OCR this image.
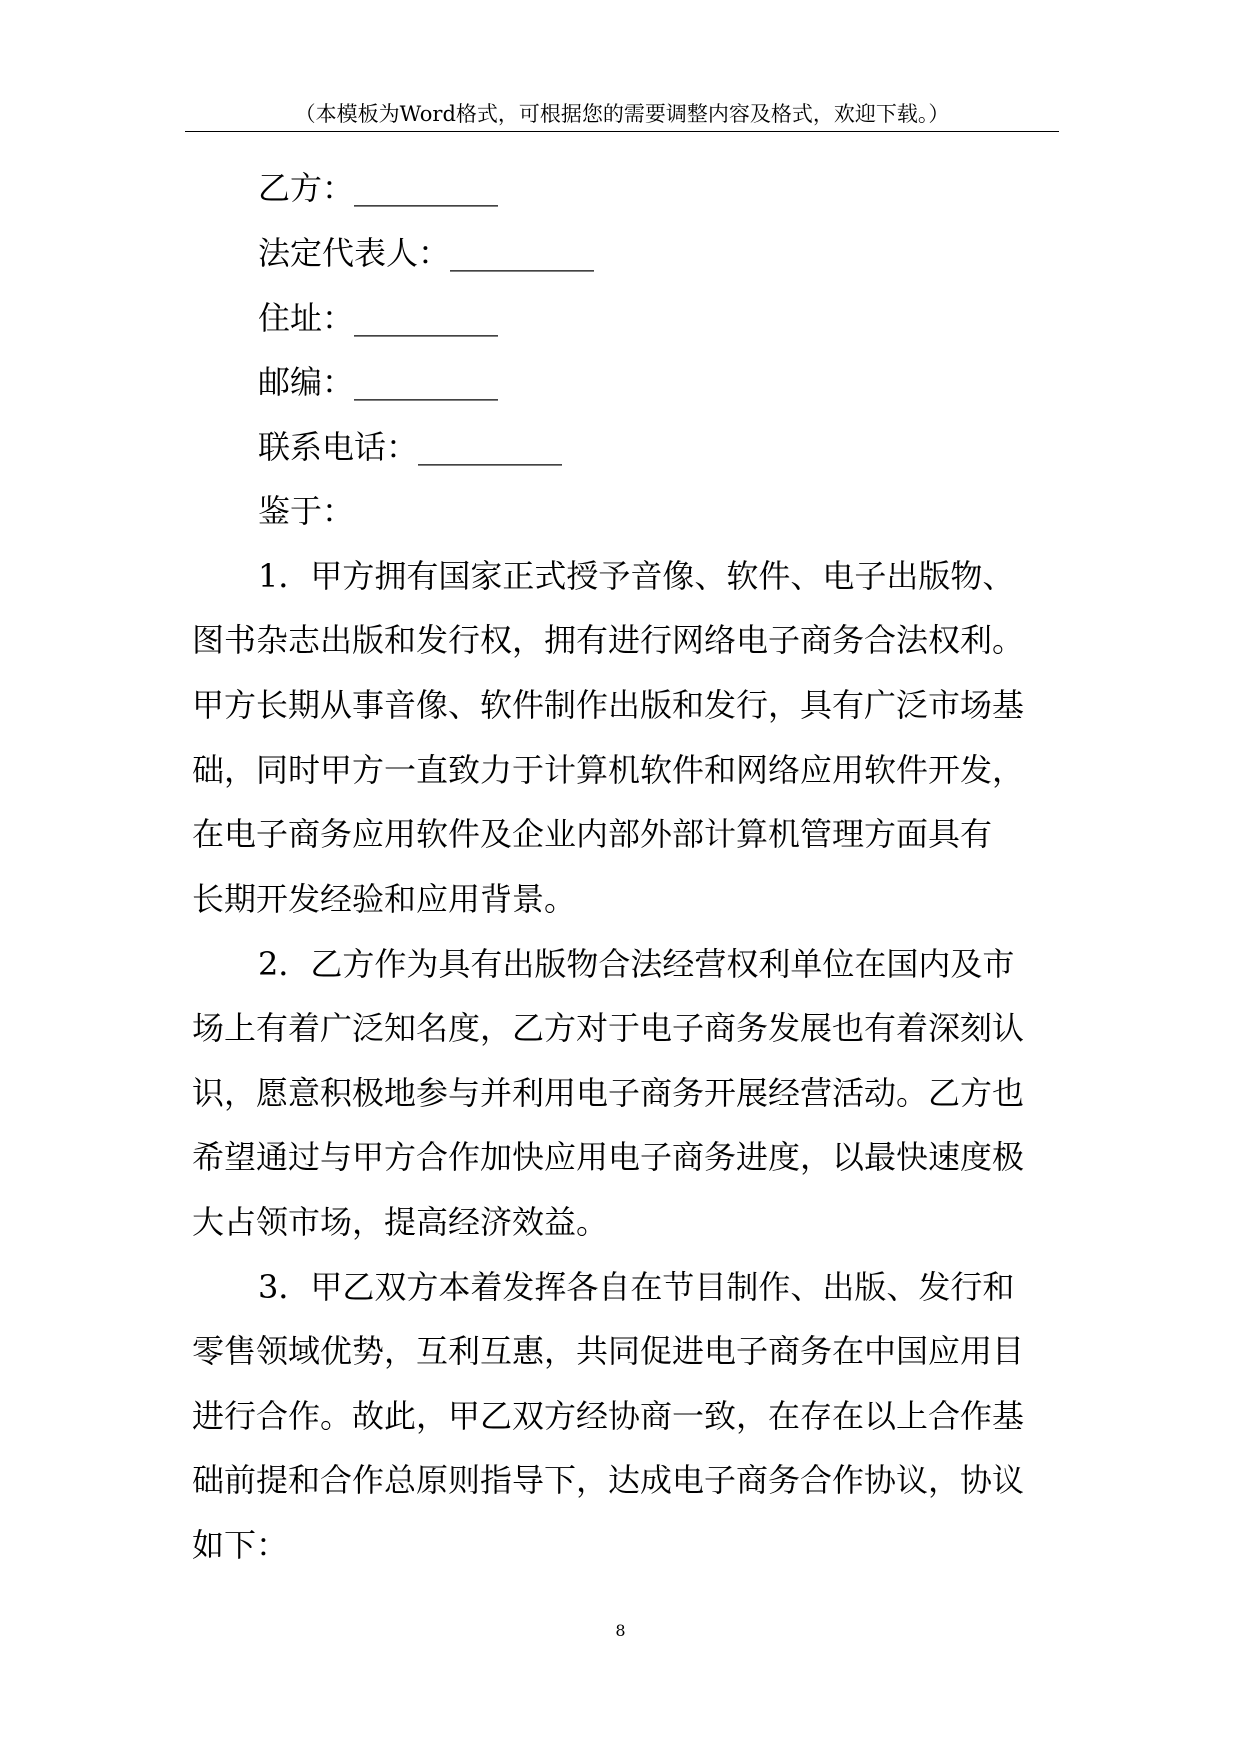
（本模板为Word格式，可根据您的需要调整内容及格式，欢迎下载。）
乙方：_________
法定代表人：_________
住址：_________
邮编：_________
联系电话：_________
鉴于：
1．甲方拥有国家正式授予音像、软件、电子出版物、
图书杂志出版和发行权，拥有进行网络电子商务合法权利。
甲方长期从事音像、软件制作出版和发行，具有广泛市场基
础，同时甲方一直致力于计算机软件和网络应用软件开发，
在电子商务应用软件及企业内部外部计算机管理方面具有
长期开发经验和应用背景。
2．乙方作为具有出版物合法经营权利单位在国内及市
场上有着广泛知名度，乙方对于电子商务发展也有着深刻认
识，愿意积极地参与并利用电子商务开展经营活动。乙方也
希望通过与甲方合作加快应用电子商务进度，以最快速度极
大占领市场，提高经济效益。
3．甲乙双方本着发挥各自在节目制作、出版、发行和
零售领域优势，互利互惠，共同促进电子商务在中国应用目
进行合作。故此，甲乙双方经协商一致，在存在以上合作基
础前提和合作总原则指导下，达成电子商务合作协议，协议
如下：
8
